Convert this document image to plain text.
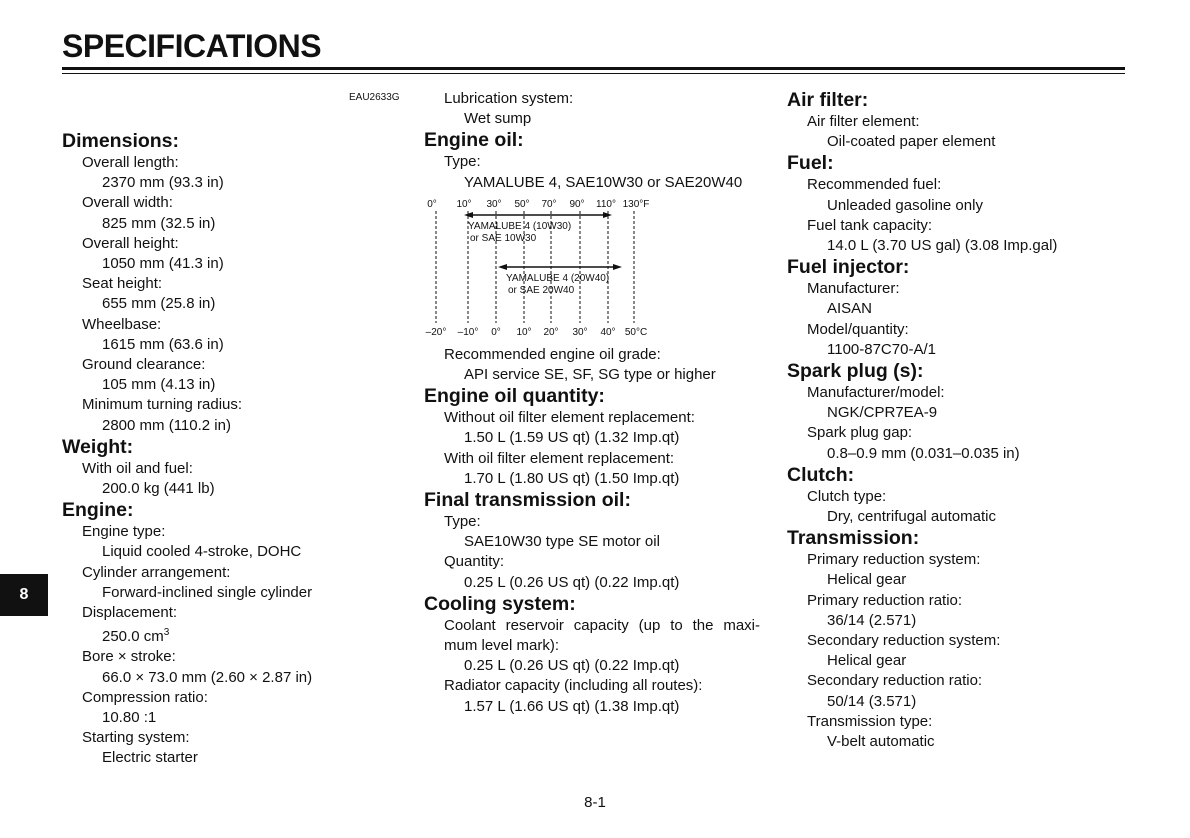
SPECIFICATIONS
EAU2633G
8
Dimensions:
Overall length:
2370 mm (93.3 in)
Overall width:
825 mm (32.5 in)
Overall height:
1050 mm (41.3 in)
Seat height:
655 mm (25.8 in)
Wheelbase:
1615 mm (63.6 in)
Ground clearance:
105 mm (4.13 in)
Minimum turning radius:
2800 mm (110.2 in)
Weight:
With oil and fuel:
200.0 kg (441 lb)
Engine:
Engine type:
Liquid cooled 4-stroke, DOHC
Cylinder arrangement:
Forward-inclined single cylinder
Displacement:
250.0 $cm^3$
Bore × stroke:
66.0 × 73.0 mm (2.60 × 2.87 in)
Compression ratio:
10.80 :1
Starting system:
Electric starter
Lubrication system:
Wet sump
Engine oil:
Type:
YAMALUBE 4, SAE10W30 or SAE20W40
0° 10° 30° 50° 70° 90° 110° 130°F
YAMALUBE 4 (10W30)
or SAE 10W30
YAMALUBE 4 (20W40)
or SAE 20W40
–20° –10° 0° 10° 20° 30° 40° 50°C
Recommended engine oil grade:
API service SE, SF, SG type or higher
Engine oil quantity:
Without oil filter element replacement:
1.50 L (1.59 US qt) (1.32 Imp.qt)
With oil filter element replacement:
1.70 L (1.80 US qt) (1.50 Imp.qt)
Final transmission oil:
Type:
SAE10W30 type SE motor oil
Quantity:
0.25 L (0.26 US qt) (0.22 Imp.qt)
Cooling system:
Coolant reservoir capacity (up to the maxi-
mum level mark):
0.25 L (0.26 US qt) (0.22 Imp.qt)
Radiator capacity (including all routes):
1.57 L (1.66 US qt) (1.38 Imp.qt)
Air filter:
Air filter element:
Oil-coated paper element
Fuel:
Recommended fuel:
Unleaded gasoline only
Fuel tank capacity:
14.0 L (3.70 US gal) (3.08 Imp.gal)
Fuel injector:
Manufacturer:
AISAN
Model/quantity:
1100-87C70-A/1
Spark plug (s):
Manufacturer/model:
NGK/CPR7EA-9
Spark plug gap:
0.8–0.9 mm (0.031–0.035 in)
Clutch:
Clutch type:
Dry, centrifugal automatic
Transmission:
Primary reduction system:
Helical gear
Primary reduction ratio:
36/14 (2.571)
Secondary reduction system:
Helical gear
Secondary reduction ratio:
50/14 (3.571)
Transmission type:
V-belt automatic
8-1
